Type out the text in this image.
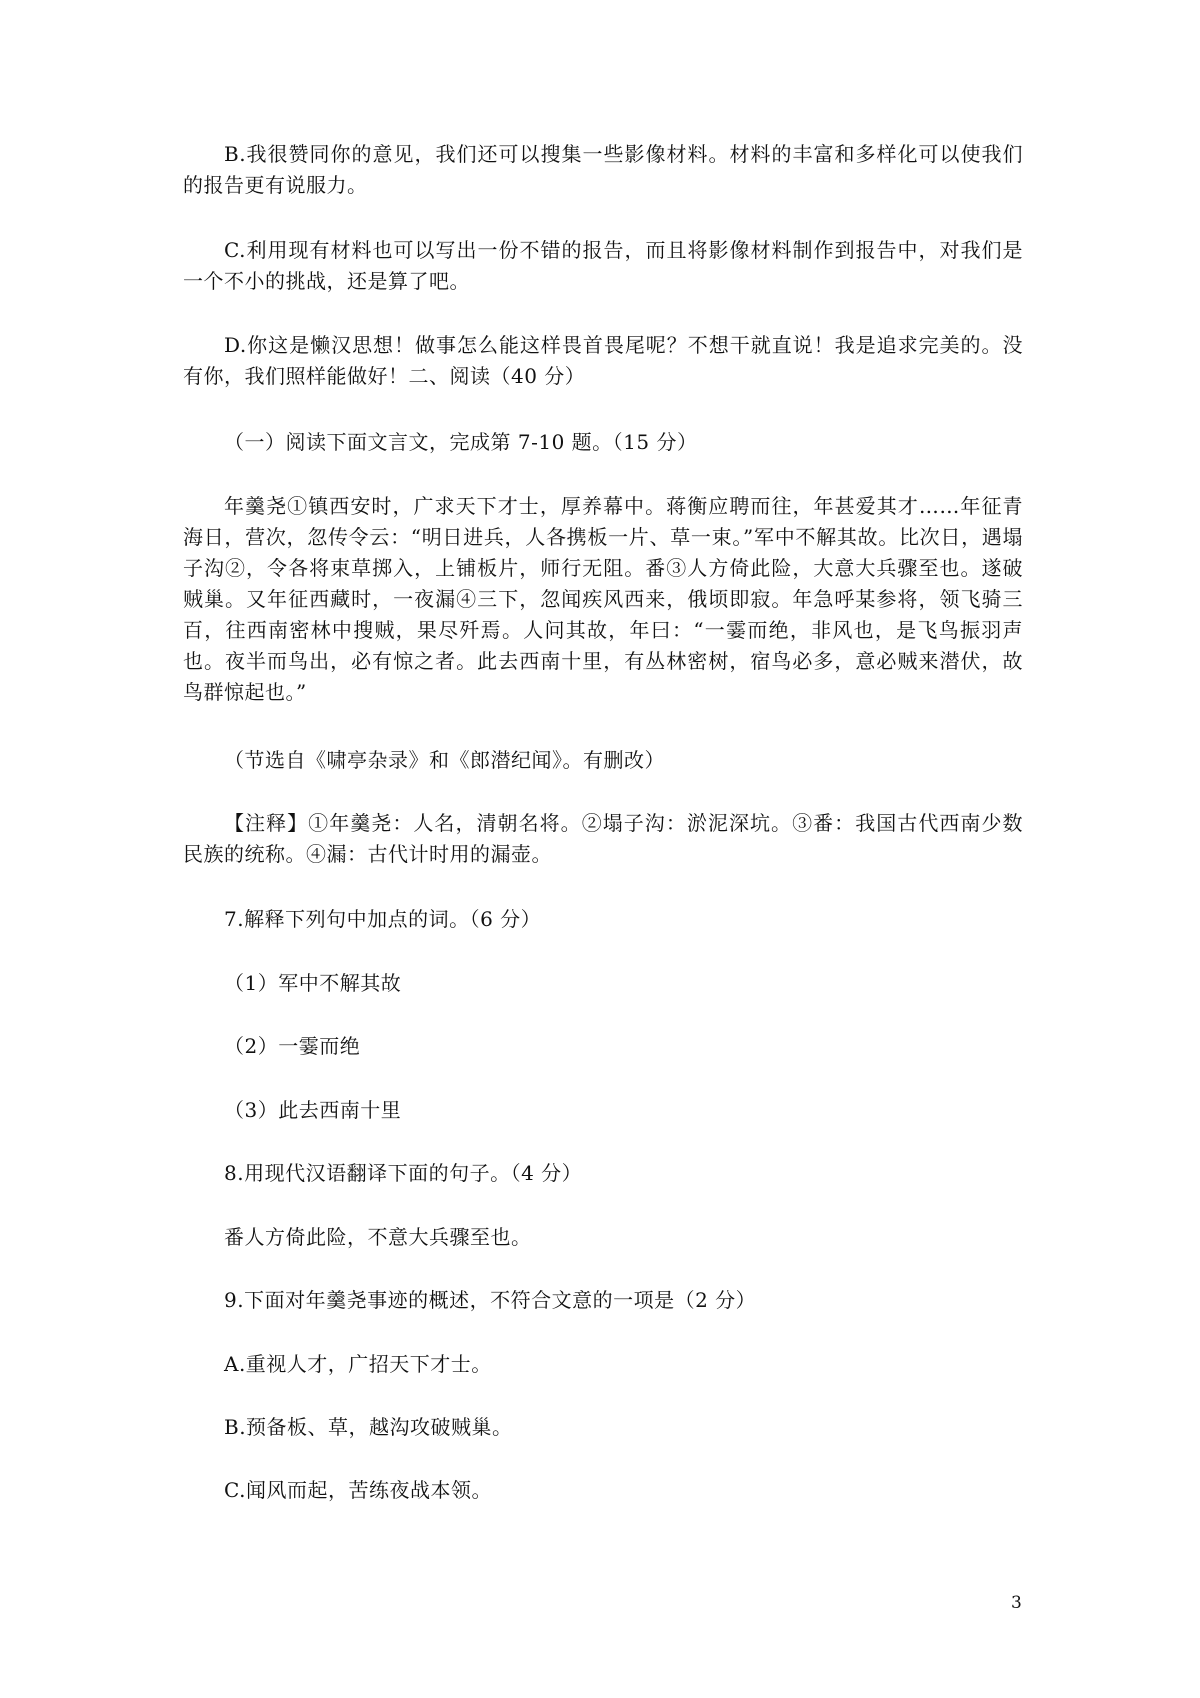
B.我很赞同你的意见，我们还可以搜集一些影像材料。材料的丰富和多样化可以使我们的报告更有说服力。

C.利用现有材料也可以写出一份不错的报告，而且将影像材料制作到报告中，对我们是一个不小的挑战，还是算了吧。

D.你这是懒汉思想！做事怎么能这样畏首畏尾呢？不想干就直说！我是追求完美的。没有你，我们照样能做好！二、阅读（40 分）

（一）阅读下面文言文，完成第 7-10 题。（15 分）

年羹尧①镇西安时，广求天下才士，厚养幕中。蒋衡应聘而往，年甚爱其才……年征青海日，营次，忽传令云：“明日进兵，人各携板一片、草一束。”军中不解其故。比次日，遇塌子沟②，令各将束草掷入，上铺板片，师行无阻。番③人方倚此险，大意大兵骤至也。遂破贼巢。又年征西藏时，一夜漏④三下，忽闻疾风西来，俄顷即寂。年急呼某参将，领飞骑三百，往西南密林中搜贼，果尽歼焉。人问其故，年曰：“一霎而绝，非风也，是飞鸟振羽声也。夜半而鸟出，必有惊之者。此去西南十里，有丛林密树，宿鸟必多，意必贼来潜伏，故鸟群惊起也。”

（节选自《啸亭杂录》和《郎潜纪闻》。有删改）

【注释】①年羹尧：人名，清朝名将。②塌子沟：淤泥深坑。③番：我国古代西南少数民族的统称。④漏：古代计时用的漏壶。

7.解释下列句中加点的词。（6 分）

（1）军中不解其故

（2）一霎而绝

（3）此去西南十里

8.用现代汉语翻译下面的句子。（4 分）

番人方倚此险，不意大兵骤至也。

9.下面对年羹尧事迹的概述，不符合文意的一项是（2 分）

A.重视人才，广招天下才士。

B.预备板、草，越沟攻破贼巢。

C.闻风而起，苦练夜战本领。

3
